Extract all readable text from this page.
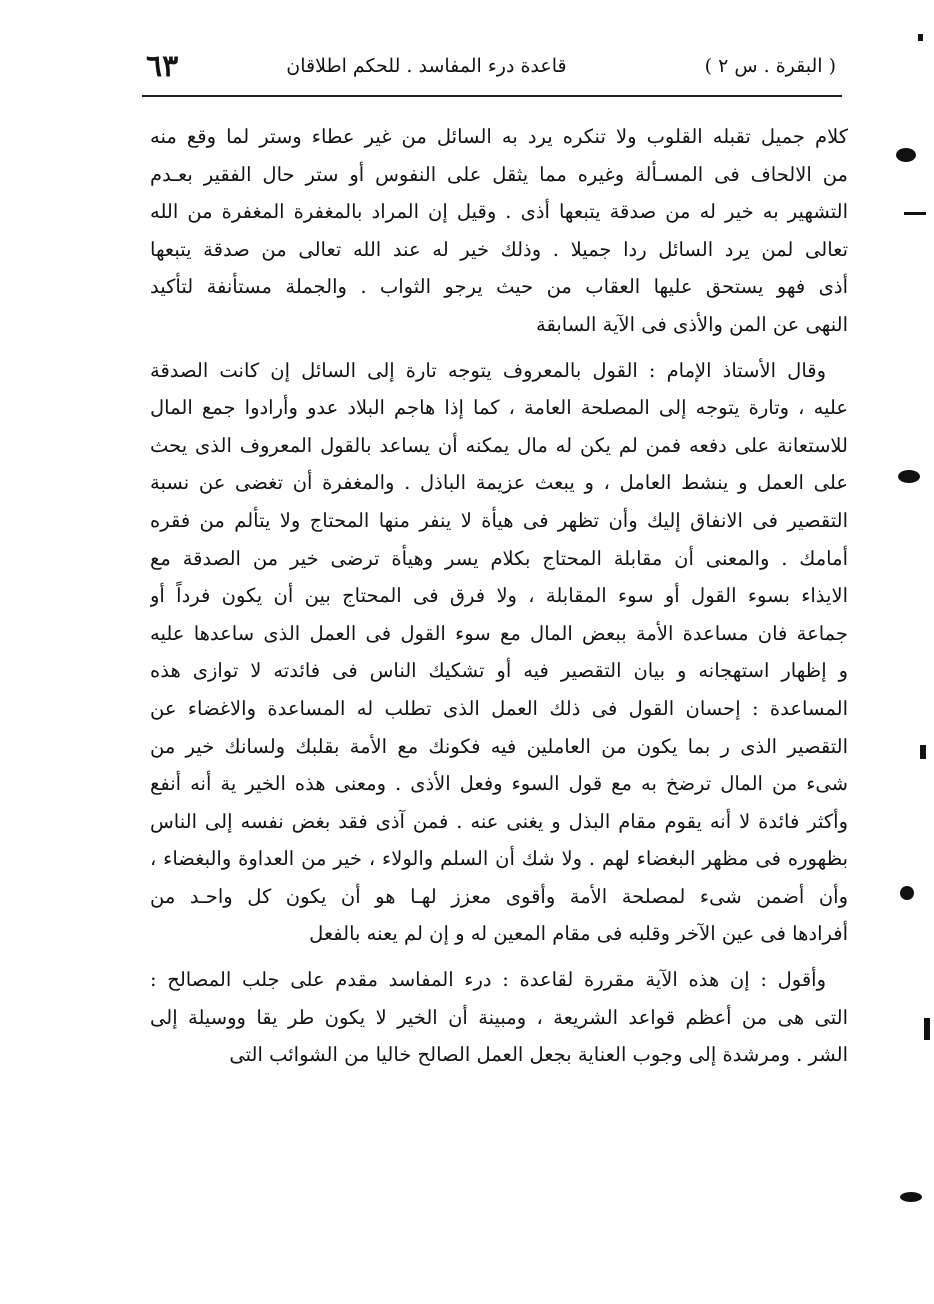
( البقرة . س ٢ )
قاعدة درء المفاسد . للحكم اطلاقان
٦٣
كلام جميل تقبله القلوب ولا تنكره يرد به السائل من غير عطاء وستر لما وقع منه
من الالحاف فى المسـألة وغيره مما يثقل على النفوس أو ستر حال الفقير بعـدم
التشهير به خير له من صدقة يتبعها أذى . وقيل إن المراد بالمغفرة المغفرة من الله
تعالى لمن يرد السائل ردا جميلا . وذلك خير له عند الله تعالى من صدقة يتبعها
أذى فهو يستحق عليها العقاب من حيث يرجو الثواب . والجملة مستأنفة لتأكيد
النهى عن المن والأذى فى الآية السابقة
وقال الأستاذ الإمام : القول بالمعروف يتوجه تارة إلى السائل إن كانت الصدقة
عليه ، وتارة يتوجه إلى المصلحة العامة ، كما إذا هاجم البلاد عدو وأرادوا جمع المال
للاستعانة على دفعه فمن لم يكن له مال يمكنه أن يساعد بالقول المعروف الذى يحث
على العمل و ينشط العامل ، و يبعث عزيمة الباذل . والمغفرة أن تغضى عن نسبة
التقصير فى الانفاق إليك وأن تظهر فى هيأة لا ينفر منها المحتاج ولا يتألم من فقره
أمامك . والمعنى أن مقابلة المحتاج بكلام يسر وهيأة ترضى خير من الصدقة مع
الايذاء بسوء القول أو سوء المقابلة ، ولا فرق فى المحتاج بين أن يكون فرداً أو
جماعة فان مساعدة الأمة ببعض المال مع سوء القول فى العمل الذى ساعدها عليه
و إظهار استهجانه و بيان التقصير فيه أو تشكيك الناس فى فائدته لا توازى هذه
المساعدة : إحسان القول فى ذلك العمل الذى تطلب له المساعدة والاغضاء عن
التقصير الذى ر بما يكون من العاملين فيه فكونك مع الأمة بقلبك ولسانك خير من
شىء من المال ترضخ به مع قول السوء وفعل الأذى . ومعنى هذه الخير ية أنه أنفع
وأكثر فائدة لا أنه يقوم مقام البذل و يغنى عنه . فمن آذى فقد بغض نفسه إلى الناس
بظهوره فى مظهر البغضاء لهم . ولا شك أن السلم والولاء ، خير من العداوة والبغضاء ،
وأن أضمن شىء لمصلحة الأمة وأقوى معزز لهـا هو أن يكون كل واحـد من
أفرادها فى عين الآخر وقلبه فى مقام المعين له و إن لم يعنه بالفعل
وأقول : إن هذه الآية مقررة لقاعدة : درء المفاسد مقدم على جلب المصالح :
التى هى من أعظم قواعد الشريعة ، ومبينة أن الخير لا يكون طر يقا ووسيلة إلى
الشر . ومرشدة إلى وجوب العناية بجعل العمل الصالح خاليا من الشوائب التى
